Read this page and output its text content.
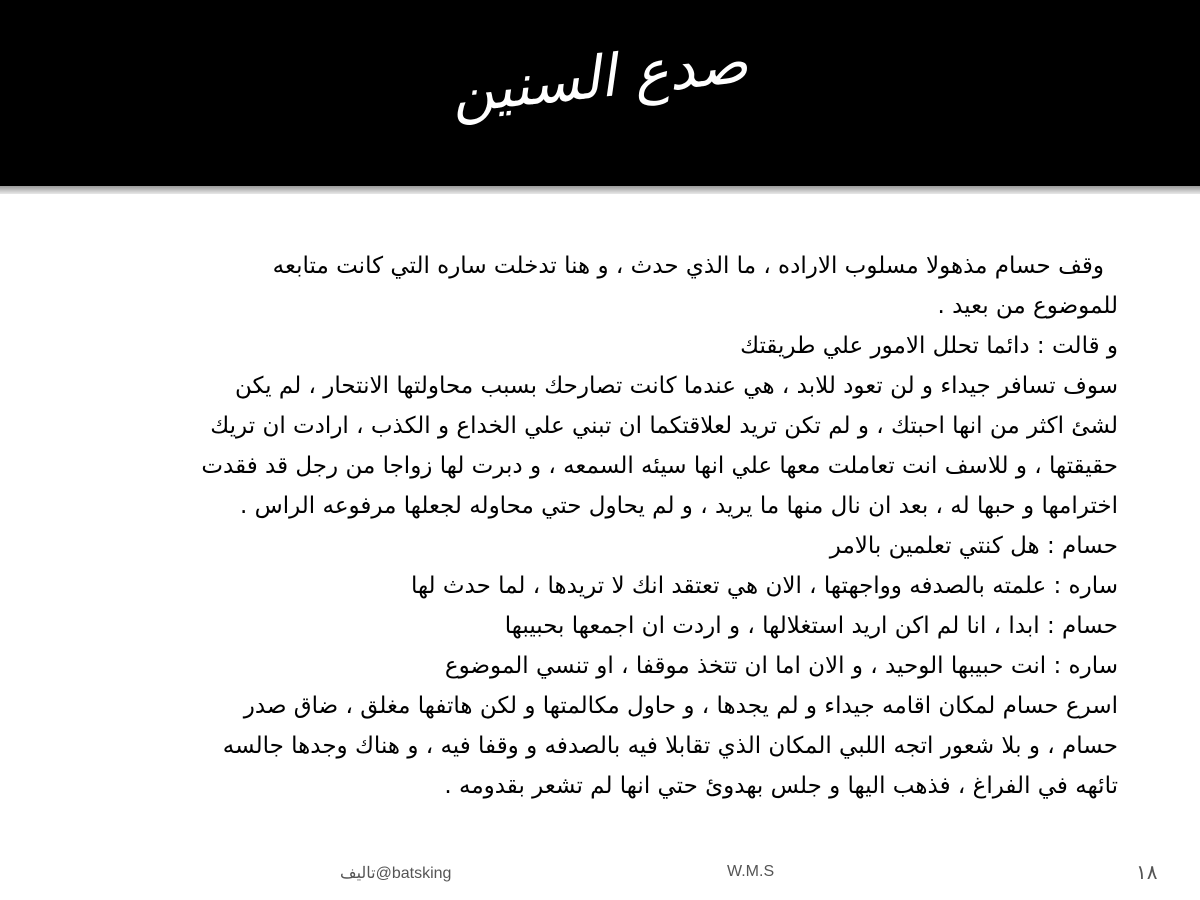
صدع السنين
وقف حسام مذهولا مسلوب الاراده ، ما الذي حدث ، و هنا تدخلت ساره التي كانت متابعه
للموضوع من بعيد .
و قالت : دائما تحلل الامور علي طريقتك
سوف تسافر جيداء و لن تعود للابد ، هي عندما كانت تصارحك بسبب محاولتها الانتحار ، لم يكن
لشئ اكثر من انها احبتك ، و لم تكن تريد لعلاقتكما ان تبني علي الخداع و الكذب ، ارادت ان تريك
حقيقتها ، و للاسف انت تعاملت معها علي انها سيئه السمعه ، و دبرت لها زواجا من رجل قد فقدت
اخترامها و حبها له ، بعد ان نال منها ما يريد ، و لم يحاول حتي محاوله لجعلها مرفوعه الراس .
حسام : هل كنتي تعلمين بالامر
ساره : علمته بالصدفه وواجهتها ، الان هي تعتقد انك لا تريدها ، لما حدث لها
حسام : ابدا ، انا لم اكن اريد استغلالها ، و اردت ان اجمعها بحبيبها
ساره : انت حبيبها الوحيد ، و الان اما ان تتخذ موقفا ، او تنسي الموضوع
اسرع حسام لمكان اقامه جيداء و لم يجدها ، و حاول مكالمتها و لكن هاتفها مغلق ، ضاق صدر
حسام ، و بلا شعور اتجه اللبي المكان الذي تقابلا فيه بالصدفه و وقفا فيه ، و هناك وجدها جالسه
تائهه في الفراغ ، فذهب اليها و جلس بهدوئ حتي انها لم تشعر بقدومه .
تاليف@batsking	W.M.S	١٨
